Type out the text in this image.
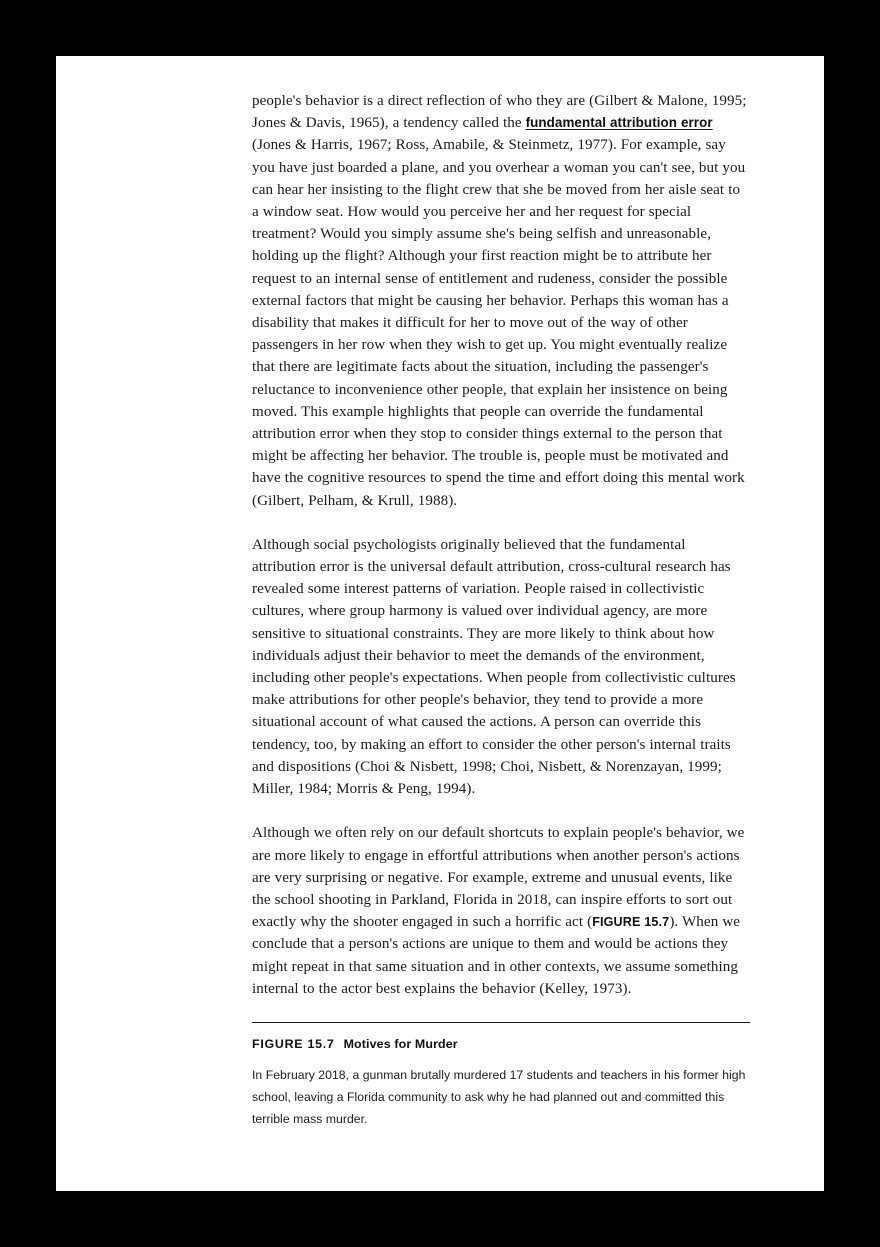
people's behavior is a direct reflection of who they are (Gilbert & Malone, 1995; Jones & Davis, 1965), a tendency called the fundamental attribution error (Jones & Harris, 1967; Ross, Amabile, & Steinmetz, 1977). For example, say you have just boarded a plane, and you overhear a woman you can't see, but you can hear her insisting to the flight crew that she be moved from her aisle seat to a window seat. How would you perceive her and her request for special treatment? Would you simply assume she's being selfish and unreasonable, holding up the flight? Although your first reaction might be to attribute her request to an internal sense of entitlement and rudeness, consider the possible external factors that might be causing her behavior. Perhaps this woman has a disability that makes it difficult for her to move out of the way of other passengers in her row when they wish to get up. You might eventually realize that there are legitimate facts about the situation, including the passenger's reluctance to inconvenience other people, that explain her insistence on being moved. This example highlights that people can override the fundamental attribution error when they stop to consider things external to the person that might be affecting her behavior. The trouble is, people must be motivated and have the cognitive resources to spend the time and effort doing this mental work (Gilbert, Pelham, & Krull, 1988).

Although social psychologists originally believed that the fundamental attribution error is the universal default attribution, cross-cultural research has revealed some interest patterns of variation. People raised in collectivistic cultures, where group harmony is valued over individual agency, are more sensitive to situational constraints. They are more likely to think about how individuals adjust their behavior to meet the demands of the environment, including other people's expectations. When people from collectivistic cultures make attributions for other people's behavior, they tend to provide a more situational account of what caused the actions. A person can override this tendency, too, by making an effort to consider the other person's internal traits and dispositions (Choi & Nisbett, 1998; Choi, Nisbett, & Norenzayan, 1999; Miller, 1984; Morris & Peng, 1994).

Although we often rely on our default shortcuts to explain people's behavior, we are more likely to engage in effortful attributions when another person's actions are very surprising or negative. For example, extreme and unusual events, like the school shooting in Parkland, Florida in 2018, can inspire efforts to sort out exactly why the shooter engaged in such a horrific act (FIGURE 15.7). When we conclude that a person's actions are unique to them and would be actions they might repeat in that same situation and in other contexts, we assume something internal to the actor best explains the behavior (Kelley, 1973).

FIGURE 15.7 Motives for Murder

In February 2018, a gunman brutally murdered 17 students and teachers in his former high school, leaving a Florida community to ask why he had planned out and committed this terrible mass murder.
